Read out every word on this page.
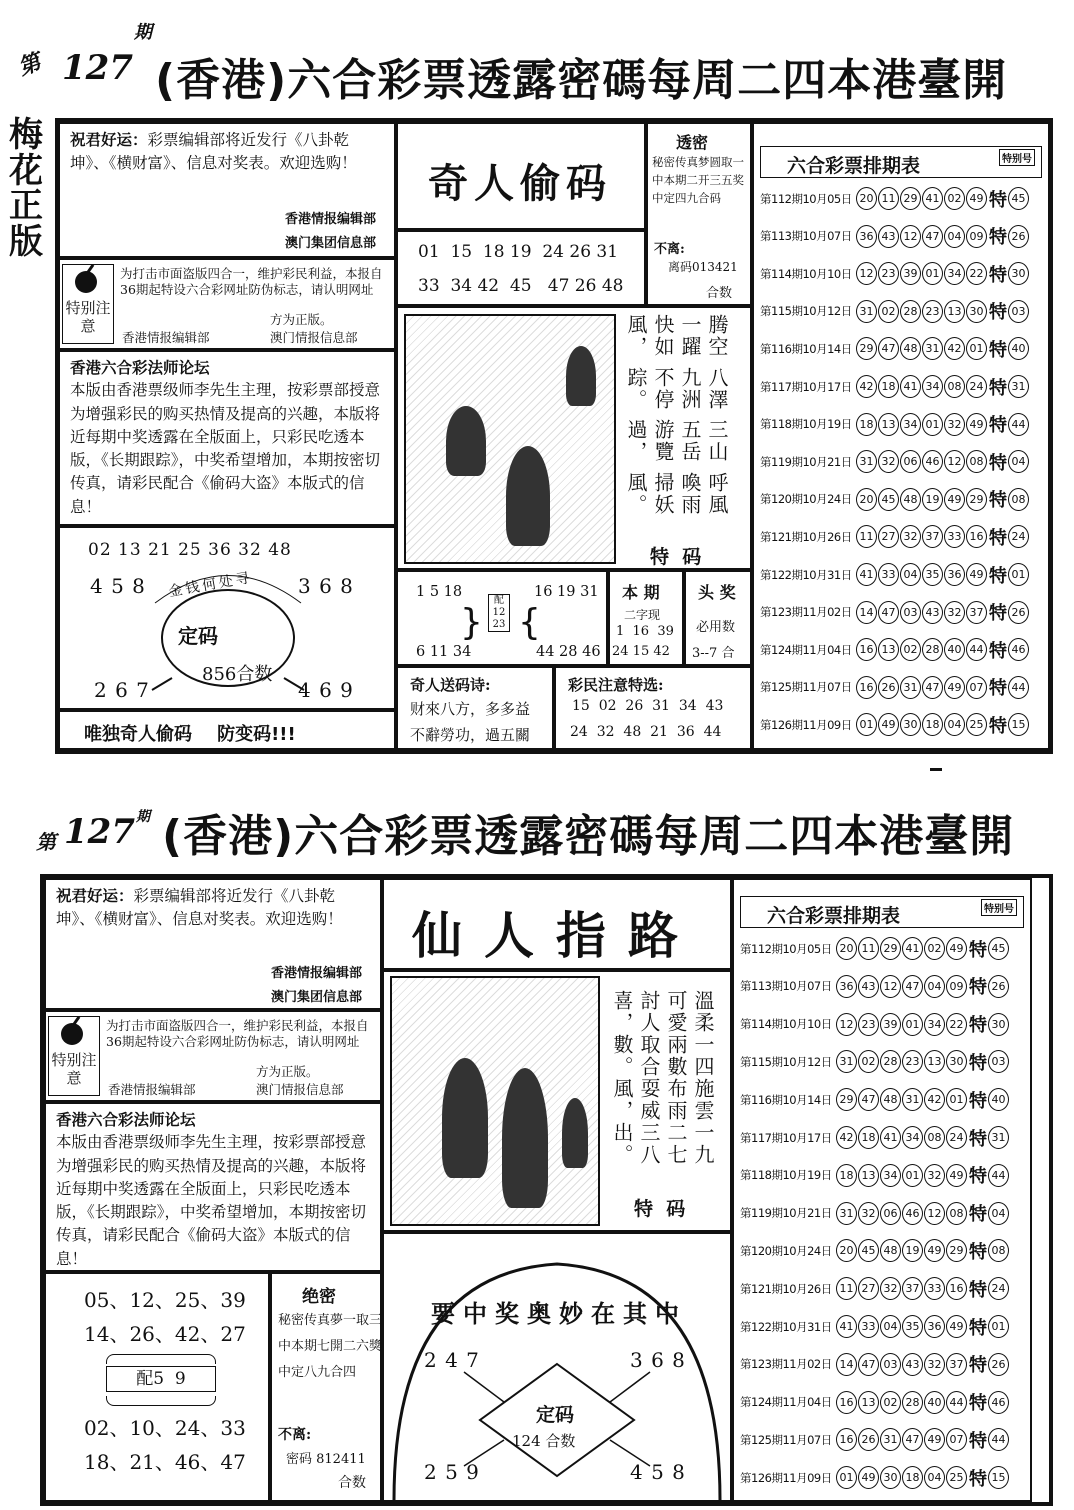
第 127
期
(香港)六合彩票透露密碼每周二四本港臺開
梅花正版
祝君好运：彩票编辑部将近发行《八卦乾坤》、《横财富》、信息对奖表。欢迎选购！
香港情报编辑部
澳门集团信息部
特别注意
为打击市面盗版四合一，维护彩民利益，本报自36期起特设六合彩网址防伪标志，请认明网址
方为正版。
香港情报编辑部	澳门情报信息部
香港六合彩法师论坛
本版由香港票级师李先生主理，按彩票部授意为增强彩民的购买热情及提高的兴趣，本版将近每期中奖透露在全版面上，只彩民吃透本版，《长期跟踪》，中奖希望增加，本期按密切传真，请彩民配合《偷码大盗》本版式的信息！
02 13 21 25 36 32 48
金钱何处寻
4 5 8	3 6 8
定码
856合数
2 6 7	4 6 9
唯独奇人偷码    防变码!!!
奇人偷码
01  15  18 19  24 26 31
33  34 42  45   47 26 48
透密
秘密传真梦圆取一中本期二开三五奖中定四九合码
不离:
离码013421
合数
腾空一躍快如風，
八澤九洲不停踪。
三山五岳游覽過，
呼風喚雨掃妖風。
特  码
1 5 18
}
6 11 34
配
12
23 {
16 19 31
44 28 46
本 期
二字现
1  16  39
24 15 42
头 奖
必用数
3--7 合
奇人送码诗:
财來八方，多多益
不辭勞功，過五關
彩民注意特选:
15  02  26  31  34  43
24  32  48  21  36  44
六合彩票排期表	特别号
第112期10月05日 20 11 29 41 02 49 特 45
第113期10月07日 36 43 12 47 04 09 特 26
第114期10月10日 12 23 39 01 34 22 特 30
第115期10月12日 31 02 28 23 13 30 特 03
第116期10月14日 29 47 48 31 42 01 特 40
第117期10月17日 42 18 41 34 08 24 特 31
第118期10月19日 18 13 34 01 32 49 特 44
第119期10月21日 31 32 06 46 12 08 特 04
第120期10月24日 20 45 48 19 49 29 特 08
第121期10月26日 11 27 32 37 33 16 特 24
第122期10月31日 41 33 04 35 36 49 特 01
第123期11月02日 14 47 03 43 32 37 特 26
第124期11月04日 16 13 02 28 40 44 特 46
第125期11月07日 16 26 31 47 49 07 特 44
第126期11月09日 01 49 30 18 04 25 特 15
第 127 期 (香港)六合彩票透露密碼每周二四本港臺開
祝君好运：彩票编辑部将近发行《八卦乾坤》、《横财富》、信息对奖表。欢迎选购！
香港情报编辑部
澳门集团信息部
特别注意
为打击市面盗版四合一，维护彩民利益，本报自36期起特设六合彩网址防伪标志，请认明网址
方为正版。
香港情报编辑部	澳门情报信息部
香港六合彩法师论坛
本版由香港票级师李先生主理，按彩票部授意为增强彩民的购买热情及提高的兴趣，本版将近每期中奖透露在全版面上，只彩民吃透本版，《长期跟踪》，中奖希望增加，本期按密切传真，请彩民配合《偷码大盗》本版式的信息！
05、12、25、39
14、26、42、27
配5  9
02、10、24、33
18、21、46、47
绝密
秘密传真夢一取三中本期七開二六獎中定八九合四
不离:
密码 812411
合数
仙人指路
溫柔可愛討人喜，
一四兩數取合數。
施雲布雨耍威風，
一九二七三八出。
特  码
要中奖奥妙在其中
2 4 7	3 6 8
定码
124 合数
2 5 9	4 5 8
六合彩票排期表	特别号
第112期10月05日 20 11 29 41 02 49 特 45
第113期10月07日 36 43 12 47 04 09 特 26
第114期10月10日 12 23 39 01 34 22 特 30
第115期10月12日 31 02 28 23 13 30 特 03
第116期10月14日 29 47 48 31 42 01 特 40
第117期10月17日 42 18 41 34 08 24 特 31
第118期10月19日 18 13 34 01 32 49 特 44
第119期10月21日 31 32 06 46 12 08 特 04
第120期10月24日 20 45 48 19 49 29 特 08
第121期10月26日 11 27 32 37 33 16 特 24
第122期10月31日 41 33 04 35 36 49 特 01
第123期11月02日 14 47 03 43 32 37 特 26
第124期11月04日 16 13 02 28 40 44 特 46
第125期11月07日 16 26 31 47 49 07 特 44
第126期11月09日 01 49 30 18 04 25 特 15
